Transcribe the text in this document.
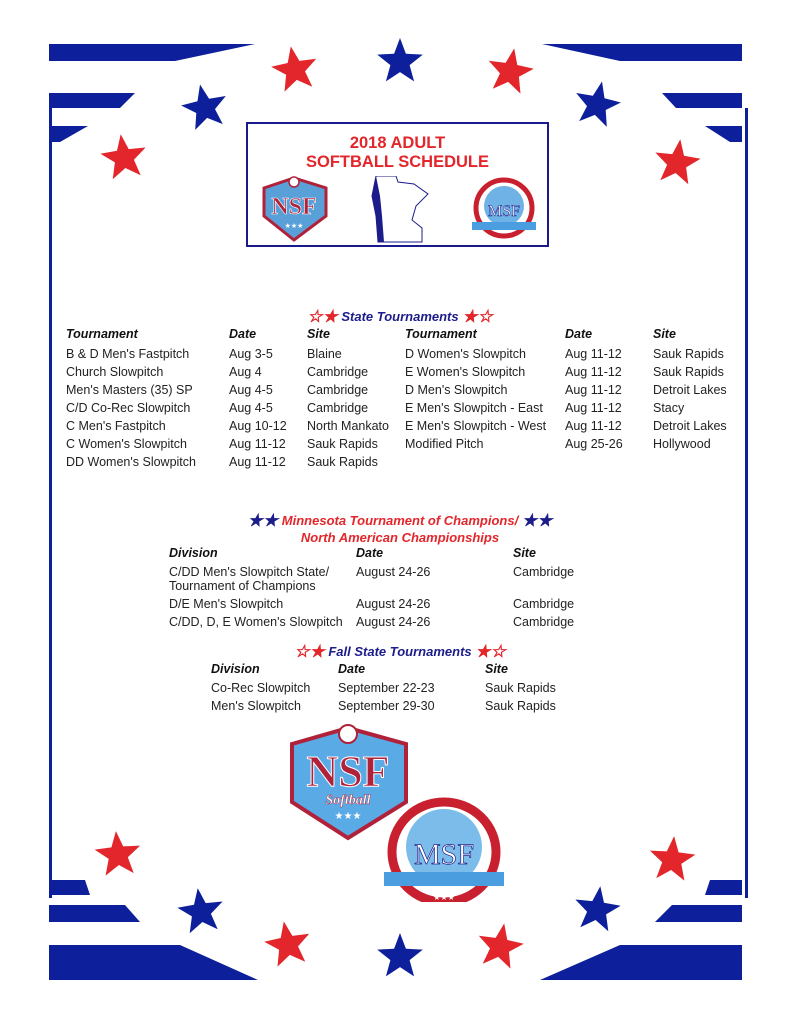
2018 ADULT
SOFTBALL SCHEDULE
NSF
★★★
MSF
☆★ State Tournaments ★☆
Tournament	Date	Site
B & D Men's Fastpitch	Aug 3-5	Blaine
Church Slowpitch	Aug 4	Cambridge
Men's Masters (35) SP	Aug 4-5	Cambridge
C/D Co-Rec Slowpitch	Aug 4-5	Cambridge
C Men's Fastpitch	Aug 10-12 North Mankato
C Women's Slowpitch	Aug 11-12 Sauk Rapids
DD Women's Slowpitch	Aug 11-12 Sauk Rapids
Tournament	Date	Site
D Women's Slowpitch	Aug 11-12 Sauk Rapids
E Women's Slowpitch	Aug 11-12 Sauk Rapids
D Men's Slowpitch	Aug 11-12 Detroit Lakes
E Men's Slowpitch - East Aug 11-12 Stacy
E Men's Slowpitch - West Aug 11-12 Detroit Lakes
Modified Pitch	Aug 25-26 Hollywood
★★ Minnesota Tournament of Champions/ ★★
North American Championships
Division	Date	Site
C/DD Men's Slowpitch State/
Tournament of Champions
August 24-26	Cambridge
D/E Men's Slowpitch	August 24-26	Cambridge
C/DD, D, E Women's Slowpitch August 24-26	Cambridge
☆★ Fall State Tournaments ★☆
Division	Date	Site
Co-Rec Slowpitch September 22-23	Sauk Rapids
Men's Slowpitch	September 29-30	Sauk Rapids
NSF
Softball
★★★
MSF
★★★
